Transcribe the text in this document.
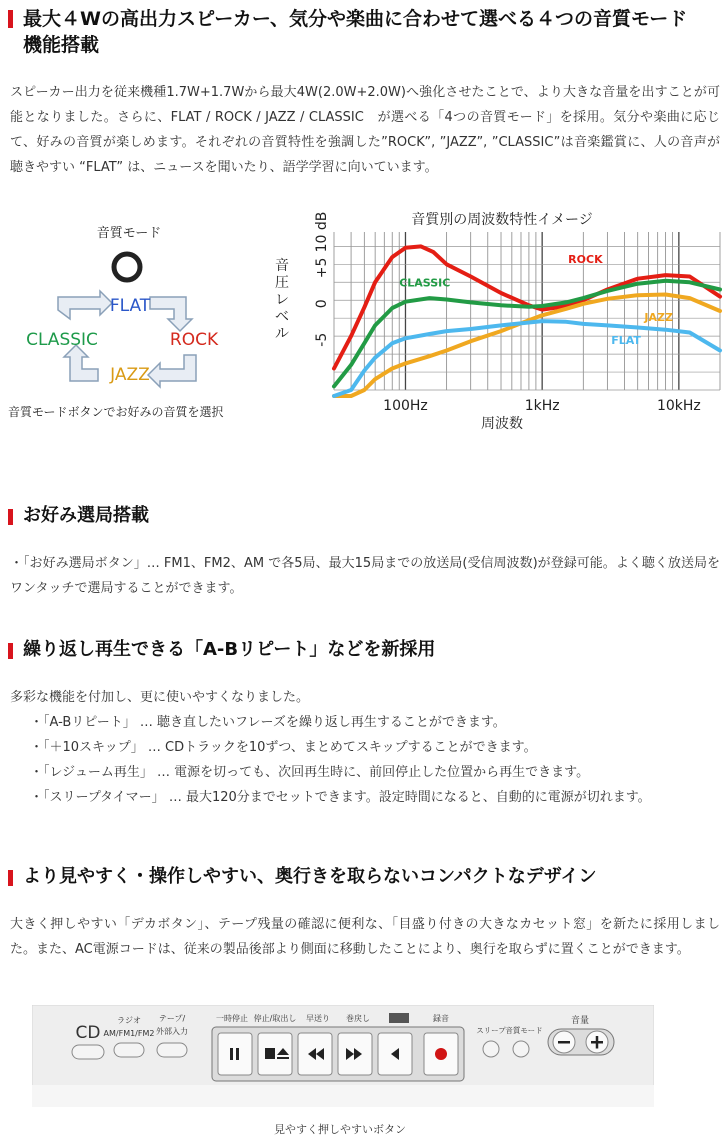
最大４Wの高出力スピーカー、気分や楽曲に合わせて選べる４つの音質モード
機能搭載

スピーカー出力を従来機種1.7W+1.7Wから最大4W(2.0W+2.0W)へ強化させたことで、より大きな音量を出すことが可能となりました。さらに、FLAT / ROCK / JAZZ / CLASSIC　が選べる「4つの音質モード」を採用。気分や楽曲に応じて、好みの音質が楽しめます。それぞれの音質特性を強調した”ROCK”, ”JAZZ”, ”CLASSIC”は音楽鑑賞に、人の音声が聴きやすい “FLAT” は、ニュースを聞いたり、語学学習に向いています。

音質モード
FLAT
ROCK
JAZZ
CLASSIC
音質モードボタンでお好みの音質を選択
音質別の周波数特性イメージ
10 dB
+5
0
-5
100Hz	1kHz	10kHz
周波数
音圧レベル
ROCK
CLASSIC
JAZZ
FLAT
お好み選局搭載

・「お好み選局ボタン」… FM1、FM2、AM で各5局、最大15局までの放送局(受信周波数)が登録可能。よく聴く放送局をワンタッチで選局することができます。

繰り返し再生できる「A-Bリピート」などを新採用

多彩な機能を付加し、更に使いやすくなりました。

・「A-Bリピート」 … 聴き直したいフレーズを繰り返し再生することができます。
・「＋10スキップ」 … CDトラックを10ずつ、まとめてスキップすることができます。
・「レジューム再生」 … 電源を切っても、次回再生時に、前回停止した位置から再生できます。
・「スリープタイマー」 … 最大120分までセットできます。設定時間になると、自動的に電源が切れます。
より見やすく・操作しやすい、奥行きを取らないコンパクトなデザイン

大きく押しやすい「デカボタン」、テープ残量の確認に便利な、「目盛り付きの大きなカセット窓」を新たに採用しました。また、AC電源コードは、従来の製品後部より側面に移動したことにより、奥行を取らずに置くことができます。

CD
ラジオ
AM/FM1/FM2
テープ/
外部入力
一時停止 停止/取出し 早送り 巻戻し	録音
スリープ 音質モード
音量
見やすく押しやすいボタン
